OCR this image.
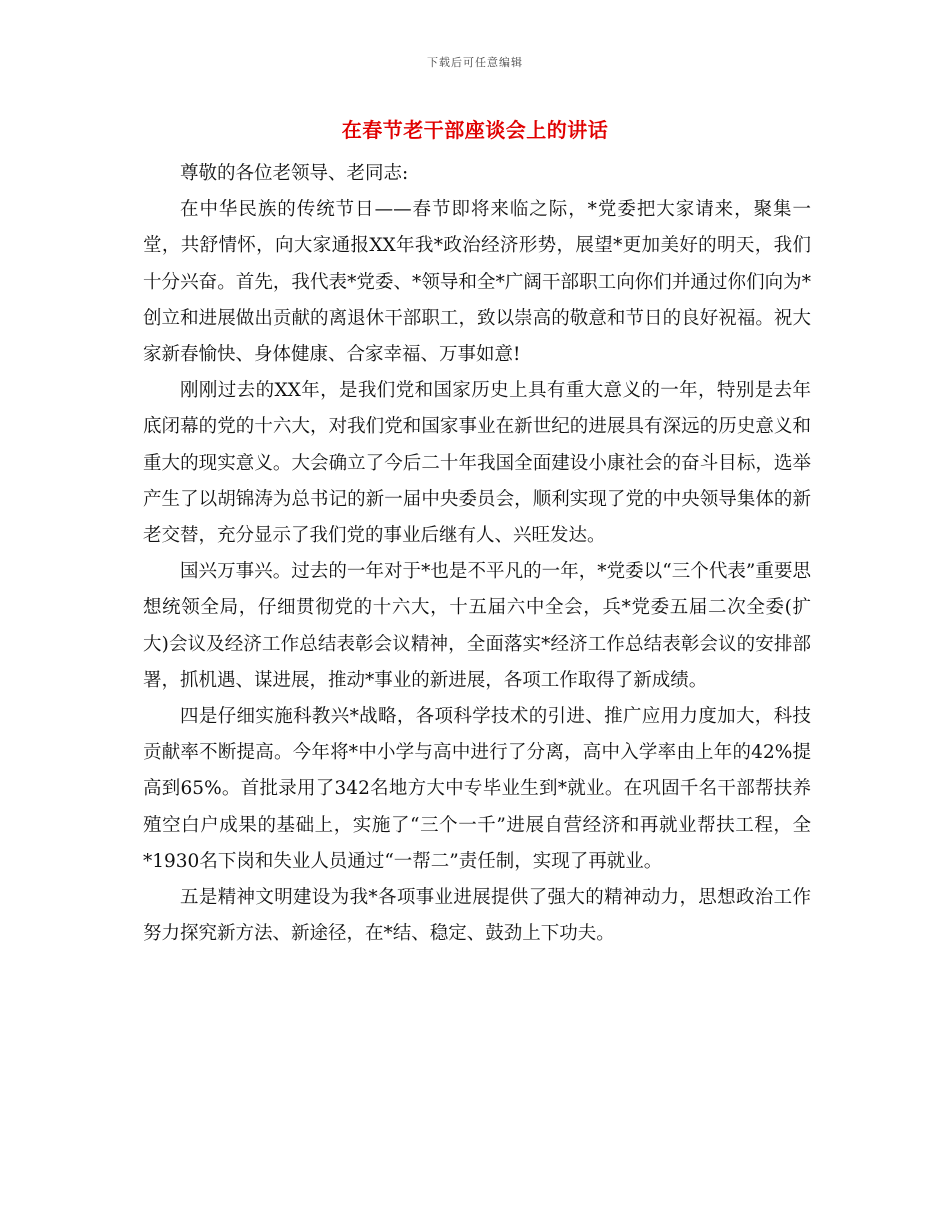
下载后可任意编辑
在春节老干部座谈会上的讲话

尊敬的各位老领导、老同志:

在中华民族的传统节日——春节即将来临之际，*党委把大家请来，聚集一堂，共舒情怀，向大家通报XX年我*政治经济形势，展望*更加美好的明天，我们十分兴奋。首先，我代表*党委、*领导和全*广阔干部职工向你们并通过你们向为*创立和进展做出贡献的离退休干部职工，致以崇高的敬意和节日的良好祝福。祝大家新春愉快、身体健康、合家幸福、万事如意!

刚刚过去的XX年，是我们党和国家历史上具有重大意义的一年，特别是去年底闭幕的党的十六大，对我们党和国家事业在新世纪的进展具有深远的历史意义和重大的现实意义。大会确立了今后二十年我国全面建设小康社会的奋斗目标，选举产生了以胡锦涛为总书记的新一届中央委员会，顺利实现了党的中央领导集体的新老交替，充分显示了我们党的事业后继有人、兴旺发达。

国兴万事兴。过去的一年对于*也是不平凡的一年，*党委以“三个代表”重要思想统领全局，仔细贯彻党的十六大，十五届六中全会，兵*党委五届二次全委(扩大)会议及经济工作总结表彰会议精神，全面落实*经济工作总结表彰会议的安排部署，抓机遇、谋进展，推动*事业的新进展，各项工作取得了新成绩。

四是仔细实施科教兴*战略，各项科学技术的引进、推广应用力度加大，科技贡献率不断提高。今年将*中小学与高中进行了分离，高中入学率由上年的42%提高到65%。首批录用了342名地方大中专毕业生到*就业。在巩固千名干部帮扶养殖空白户成果的基础上，实施了“三个一千”进展自营经济和再就业帮扶工程，全*1930名下岗和失业人员通过“一帮二”责任制，实现了再就业。

五是精神文明建设为我*各项事业进展提供了强大的精神动力，思想政治工作努力探究新方法、新途径，在*结、稳定、鼓劲上下功夫。
